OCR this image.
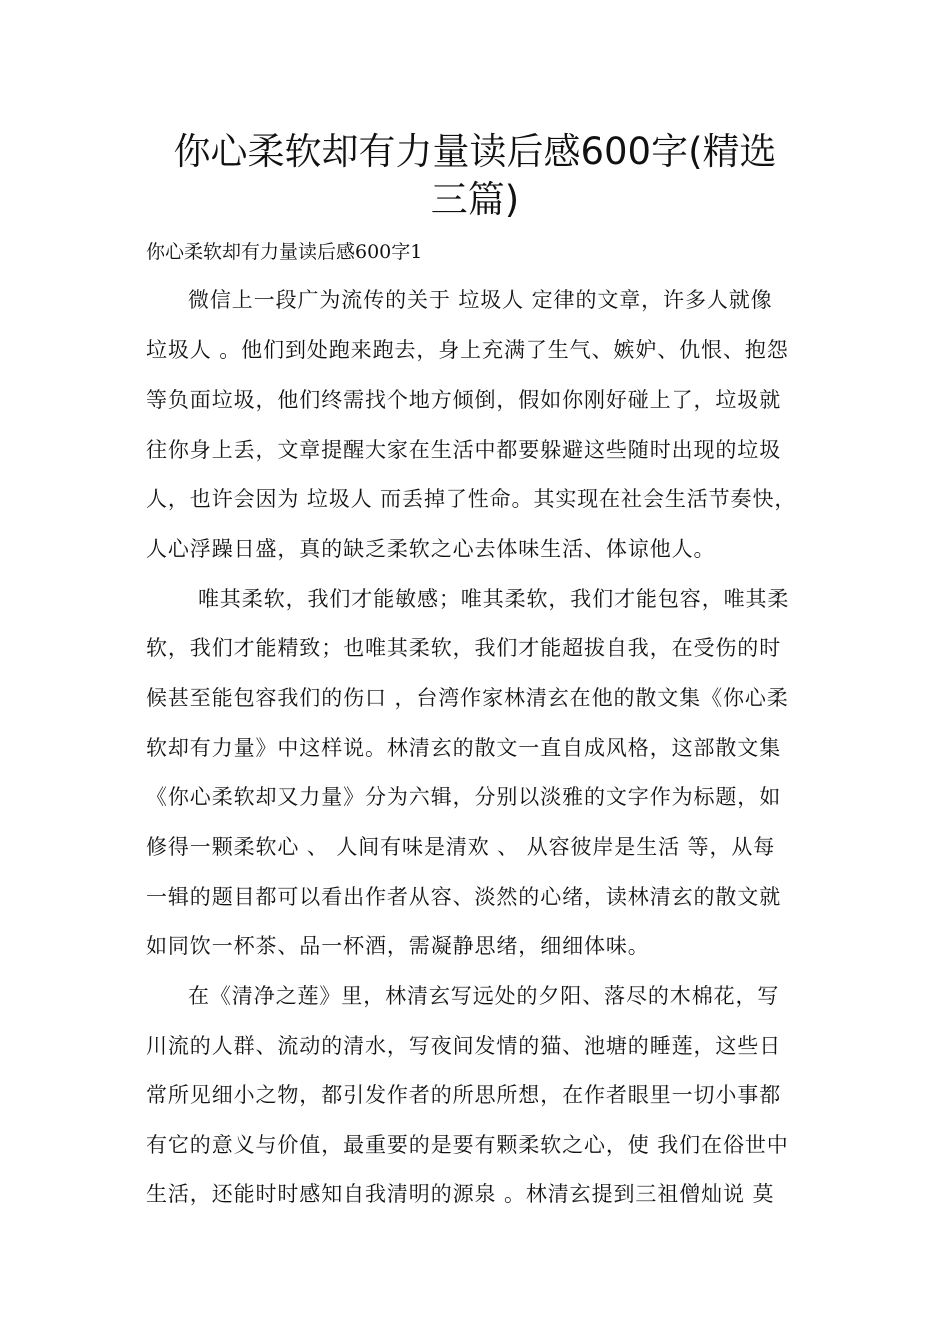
你心柔软却有力量读后感600字(精选
三篇)

你心柔软却有力量读后感600字1

微信上一段广为流传的关于 垃圾人 定律的文章，许多人就像

垃圾人 。他们到处跑来跑去，身上充满了生气、嫉妒、仇恨、抱怨

等负面垃圾，他们终需找个地方倾倒，假如你刚好碰上了，垃圾就

往你身上丢，文章提醒大家在生活中都要躲避这些随时出现的垃圾

人，也许会因为 垃圾人 而丢掉了性命。其实现在社会生活节奏快，

人心浮躁日盛，真的缺乏柔软之心去体味生活、体谅他人。

唯其柔软，我们才能敏感；唯其柔软，我们才能包容，唯其柔

软，我们才能精致；也唯其柔软，我们才能超拔自我，在受伤的时

候甚至能包容我们的伤口 ，台湾作家林清玄在他的散文集《你心柔

软却有力量》中这样说。林清玄的散文一直自成风格，这部散文集

《你心柔软却又力量》分为六辑，分别以淡雅的文字作为标题，如

修得一颗柔软心 、 人间有味是清欢 、 从容彼岸是生活 等，从每

一辑的题目都可以看出作者从容、淡然的心绪，读林清玄的散文就

如同饮一杯茶、品一杯酒，需凝静思绪，细细体味。

在《清净之莲》里，林清玄写远处的夕阳、落尽的木棉花，写

川流的人群、流动的清水，写夜间发情的猫、池塘的睡莲，这些日

常所见细小之物，都引发作者的所思所想，在作者眼里一切小事都

有它的意义与价值，最重要的是要有颗柔软之心，使 我们在俗世中

生活，还能时时感知自我清明的源泉 。林清玄提到三祖僧灿说 莫
